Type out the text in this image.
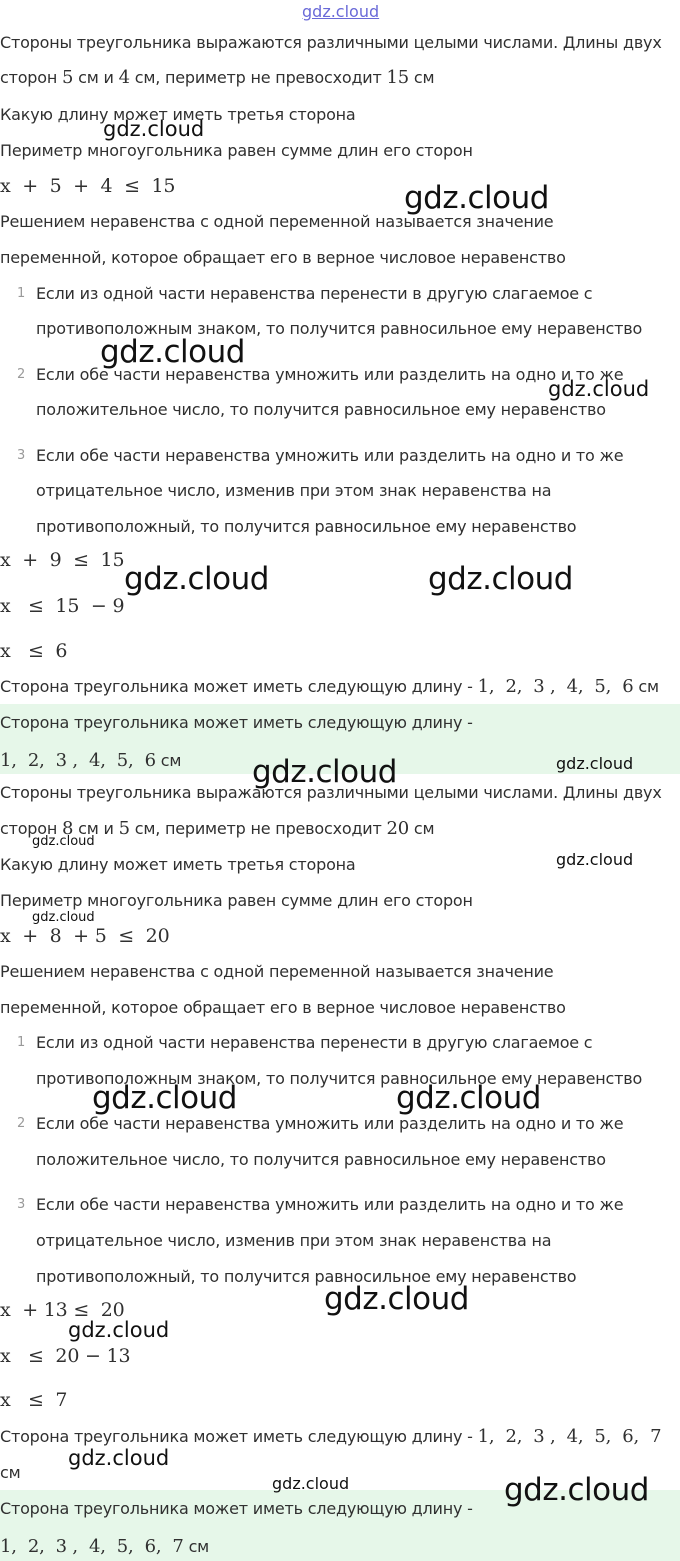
gdz.cloud
Стороны треугольника выражаются различными целыми числами. Длины двух
сторон 5 см и 4 см, периметр не превосходит 15 см
Какую длину может иметь третья сторона
Периметр многоугольника равен сумме длин его сторон
x  +  5  +  4  ≤  15
Решением неравенства с одной переменной называется значение
переменной, которое обращает его в верное числовое неравенство
1 Если из одной части неравенства перенести в другую слагаемое с
противоположным знаком, то получится равносильное ему неравенство
2 Если обе части неравенства умножить или разделить на одно и то же
положительное число, то получится равносильное ему неравенство
3 Если обе части неравенства умножить или разделить на одно и то же
отрицательное число, изменив при этом знак неравенства на
противоположный, то получится равносильное ему неравенство
x  +  9  ≤  15
x   ≤  15  − 9
x   ≤  6
Сторона треугольника может иметь следующую длину - 1,  2,  3 ,  4,  5,  6 см
Сторона треугольника может иметь следующую длину -
1,  2,  3 ,  4,  5,  6 см
Стороны треугольника выражаются различными целыми числами. Длины двух
сторон 8 см и 5 см, периметр не превосходит 20 см
Какую длину может иметь третья сторона
Периметр многоугольника равен сумме длин его сторон
x  +  8  + 5  ≤  20
Решением неравенства с одной переменной называется значение
переменной, которое обращает его в верное числовое неравенство
1 Если из одной части неравенства перенести в другую слагаемое с
противоположным знаком, то получится равносильное ему неравенство
2 Если обе части неравенства умножить или разделить на одно и то же
положительное число, то получится равносильное ему неравенство
3 Если обе части неравенства умножить или разделить на одно и то же
отрицательное число, изменив при этом знак неравенства на
противоположный, то получится равносильное ему неравенство
x  + 13 ≤  20
x   ≤  20 − 13
x   ≤  7
Сторона треугольника может иметь следующую длину - 1,  2,  3 ,  4,  5,  6,  7
см
Сторона треугольника может иметь следующую длину -
1,  2,  3 ,  4,  5,  6,  7 см
gdz.cloud
gdz.cloud
gdz.cloud
gdz.cloud
gdz.cloud	gdz.cloud
gdz.cloud	gdz.cloud
gdz.cloud
gdz.cloud
gdz.cloud
gdz.cloud	gdz.cloud
gdz.cloud
gdz.cloud
gdz.cloud
gdz.cloud	gdz.cloud
